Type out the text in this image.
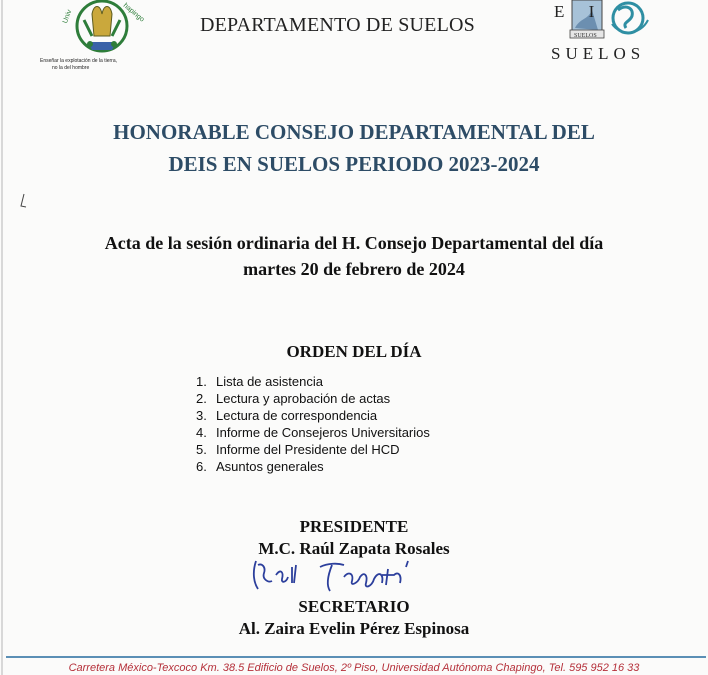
Univ	hapingo
Enseñar la explotación de la tierra,
no la del hombre
DEPARTAMENTO DE SUELOS	SUELOS
E I
SUELOS
HONORABLE CONSEJO DEPARTAMENTAL DEL
DEIS EN SUELOS PERIODO 2023-2024
Acta de la sesión ordinaria del H. Consejo Departamental del día
martes 20 de febrero de 2024
ORDEN DEL DÍA
1. Lista de asistencia
2. Lectura y aprobación de actas
3. Lectura de correspondencia
4. Informe de Consejeros Universitarios
5. Informe del Presidente del HCD
6. Asuntos generales
PRESIDENTE
M.C. Raúl Zapata Rosales
SECRETARIO
Al. Zaira Evelin Pérez Espinosa
Carretera México-Texcoco Km. 38.5 Edificio de Suelos, 2º Piso, Universidad Autónoma Chapingo, Tel. 595 952 16 33
